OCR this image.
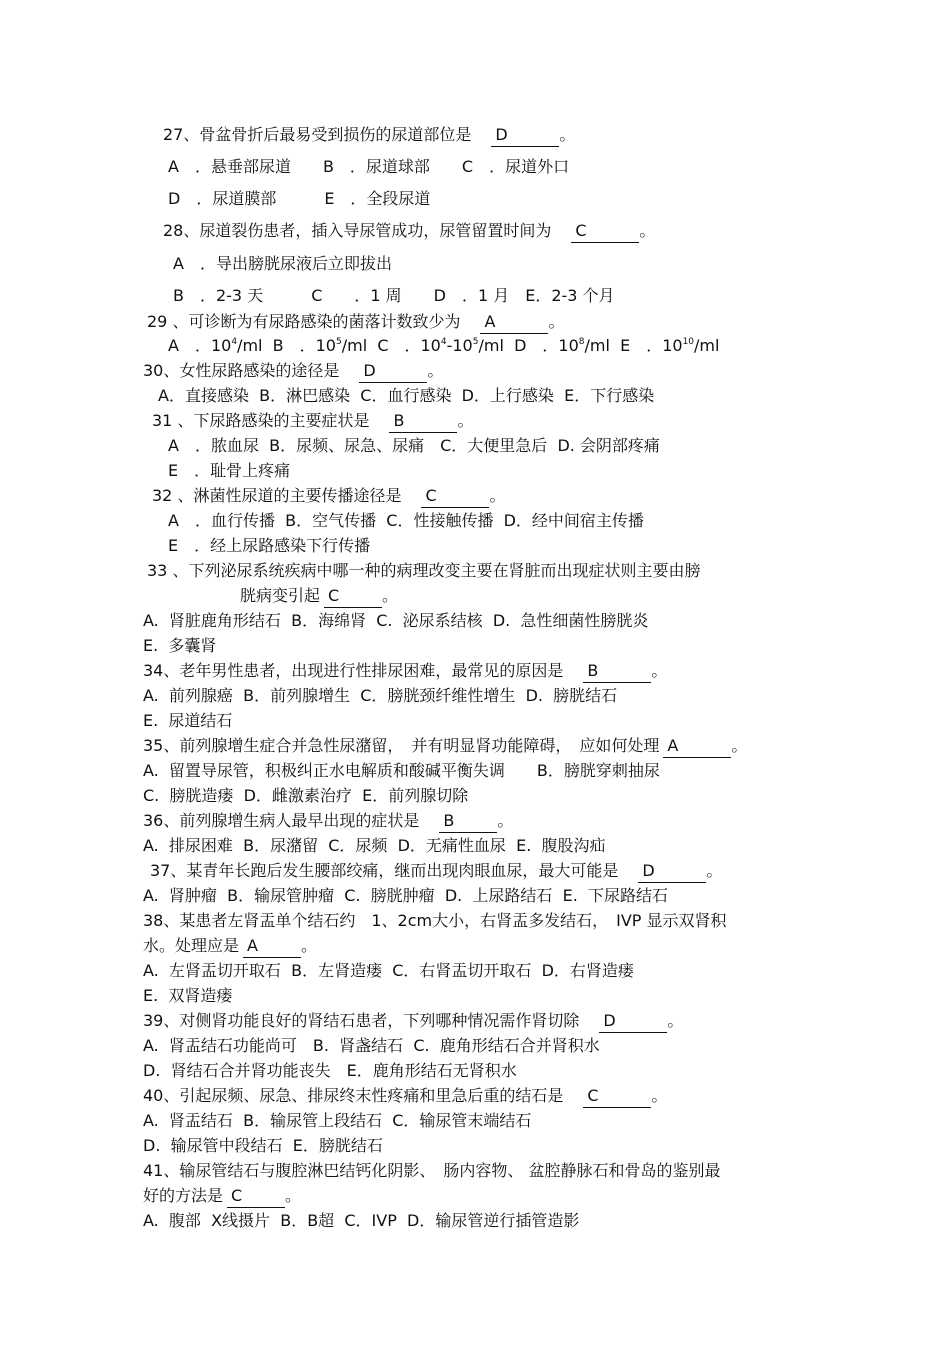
27、骨盆骨折后最易受到损伤的尿道部位是　 D	。
A　．悬垂部尿道　　B　．尿道球部　　C　．尿道外口
D　．尿道膜部　　　E　．全段尿道
28、尿道裂伤患者，插入导尿管成功，尿管留置时间为　 C	。
A　．导出膀胱尿液后立即拔出
B　．2-3 天　　　C　　．1 周　　D　．1 月　E．2-3 个月
29 、可诊断为有尿路感染的菌落计数致少为　 A	。
A　．$10^4/ml$  B　．$10^5/ml$  C　．$10^4-10^5/ml$  D　．$10^8/ml$  E　．$10^{10}/ml$
30、女性尿路感染的途径是　 D	。
A．直接感染  B．淋巴感染  C．血行感染  D．上行感染  E．下行感染
31 、下尿路感染的主要症状是　 B	。
A　．脓血尿  B．尿频、尿急、尿痛　C．大便里急后  D. 会阴部疼痛
E　．耻骨上疼痛
32 、淋菌性尿道的主要传播途径是　 C	。
A　．血行传播  B．空气传播  C．性接触传播  D．经中间宿主传播
E　．经上尿路感染下行传播
33 、下列泌尿系统疾病中哪一种的病理改变主要在肾脏而出现症状则主要由膀
胱病变引起 C	。
A.  肾脏鹿角形结石  B．海绵肾  C.  泌尿系结核  D.  急性细菌性膀胱炎
E.  多囊肾
34、老年男性患者，出现进行性排尿困难，最常见的原因是　 B	。
A.  前列腺癌  B．前列腺增生  C．膀胱颈纤维性增生  D.  膀胱结石
E.  尿道结石
35、前列腺增生症合并急性尿潴留，　并有明显肾功能障碍，　应如何处理 A	。
A.  留置导尿管，积极纠正水电解质和酸碱平衡失调　　B．膀胱穿刺抽尿
C.  膀胱造瘘  D．雌激素治疗  E．前列腺切除
36、前列腺增生病人最早出现的症状是　 B	。
A.  排尿困难  B．尿潴留  C．尿频  D．无痛性血尿  E.  腹股沟疝
37、某青年长跑后发生腰部绞痛，继而出现肉眼血尿，最大可能是　 D	。
A.  肾肿瘤  B．输尿管肿瘤  C.  膀胱肿瘤  D.  上尿路结石  E.  下尿路结石
38、某患者左肾盂单个结石约　1、2cm大小，右肾盂多发结石，　IVP 显示双肾积
水。处理应是 A	。
A.  左肾盂切开取石  B．左肾造瘘  C．右肾盂切开取石  D．右肾造瘘
E.  双肾造瘘
39、对侧肾功能良好的肾结石患者，下列哪种情况需作肾切除　 D	。
A.  肾盂结石功能尚可　B.  肾盏结石  C.  鹿角形结石合并肾积水
D.  肾结石合并肾功能丧失　E．鹿角形结石无肾积水
40、引起尿频、尿急、排尿终末性疼痛和里急后重的结石是　 C	。
A.  肾盂结石  B．输尿管上段结石  C．输尿管末端结石
D.  输尿管中段结石  E．膀胱结石
41、输尿管结石与腹腔淋巴结钙化阴影、　肠内容物、 盆腔静脉石和骨岛的鉴别最
好的方法是 C	。
A.  腹部  X线摄片  B．B超  C．IVP  D．输尿管逆行插管造影
